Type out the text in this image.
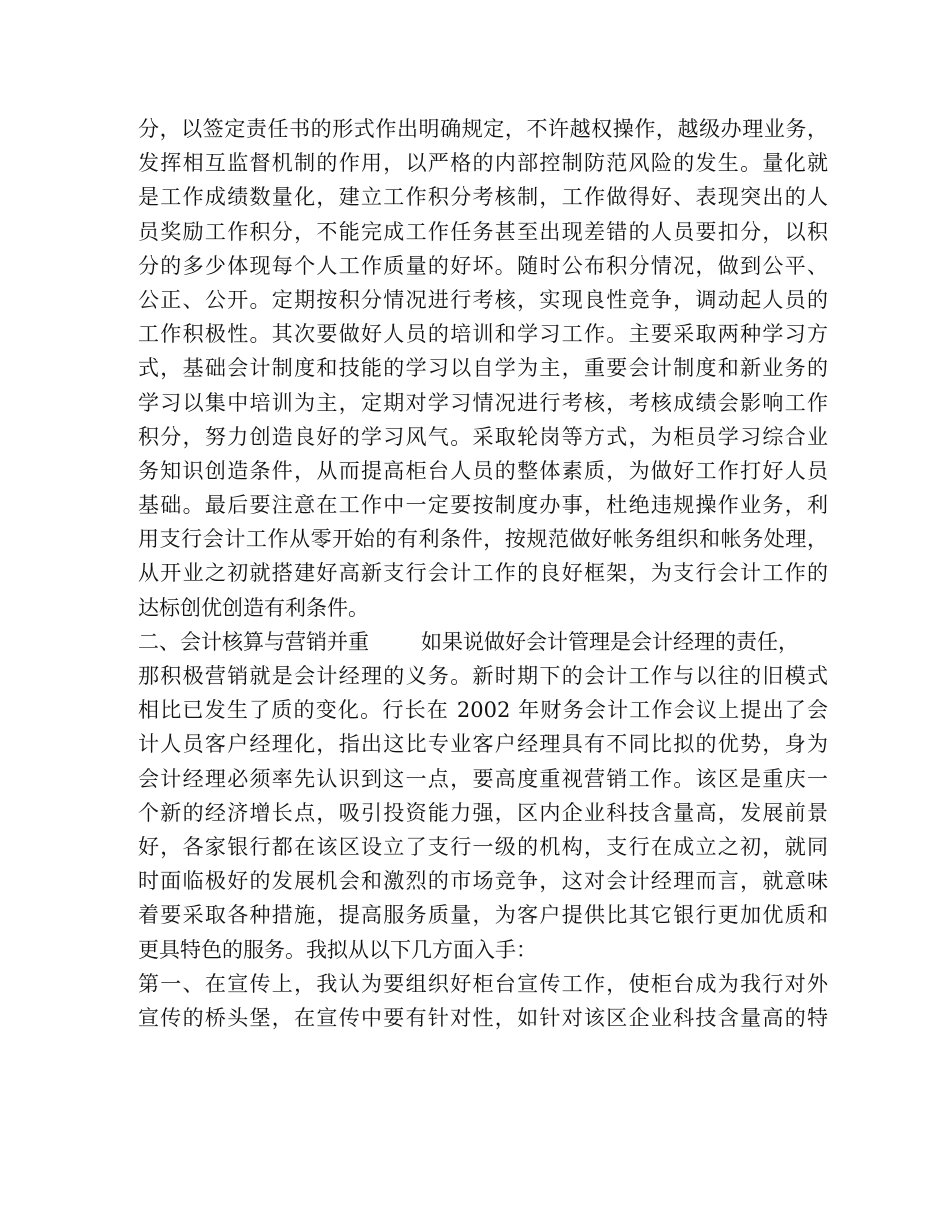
分，以签定责任书的形式作出明确规定，不许越权操作，越级办理业务，
发挥相互监督机制的作用，以严格的内部控制防范风险的发生。量化就
是工作成绩数量化，建立工作积分考核制，工作做得好、表现突出的人
员奖励工作积分，不能完成工作任务甚至出现差错的人员要扣分，以积
分的多少体现每个人工作质量的好坏。随时公布积分情况，做到公平、
公正、公开。定期按积分情况进行考核，实现良性竞争，调动起人员的
工作积极性。其次要做好人员的培训和学习工作。主要采取两种学习方
式，基础会计制度和技能的学习以自学为主，重要会计制度和新业务的
学习以集中培训为主，定期对学习情况进行考核，考核成绩会影响工作
积分，努力创造良好的学习风气。采取轮岗等方式，为柜员学习综合业
务知识创造条件，从而提高柜台人员的整体素质，为做好工作打好人员
基础。最后要注意在工作中一定要按制度办事，杜绝违规操作业务，利
用支行会计工作从零开始的有利条件，按规范做好帐务组织和帐务处理，
从开业之初就搭建好高新支行会计工作的良好框架，为支行会计工作的
达标创优创造有利条件。
二、会计核算与营销并重 如果说做好会计管理是会计经理的责任，
那积极营销就是会计经理的义务。新时期下的会计工作与以往的旧模式
相比已发生了质的变化。行长在 2002 年财务会计工作会议上提出了会
计人员客户经理化，指出这比专业客户经理具有不同比拟的优势，身为
会计经理必须率先认识到这一点，要高度重视营销工作。该区是重庆一
个新的经济增长点，吸引投资能力强，区内企业科技含量高，发展前景
好，各家银行都在该区设立了支行一级的机构，支行在成立之初，就同
时面临极好的发展机会和激烈的市场竞争，这对会计经理而言，就意味
着要采取各种措施，提高服务质量，为客户提供比其它银行更加优质和
更具特色的服务。我拟从以下几方面入手：
第一、在宣传上，我认为要组织好柜台宣传工作，使柜台成为我行对外
宣传的桥头堡，在宣传中要有针对性，如针对该区企业科技含量高的特
